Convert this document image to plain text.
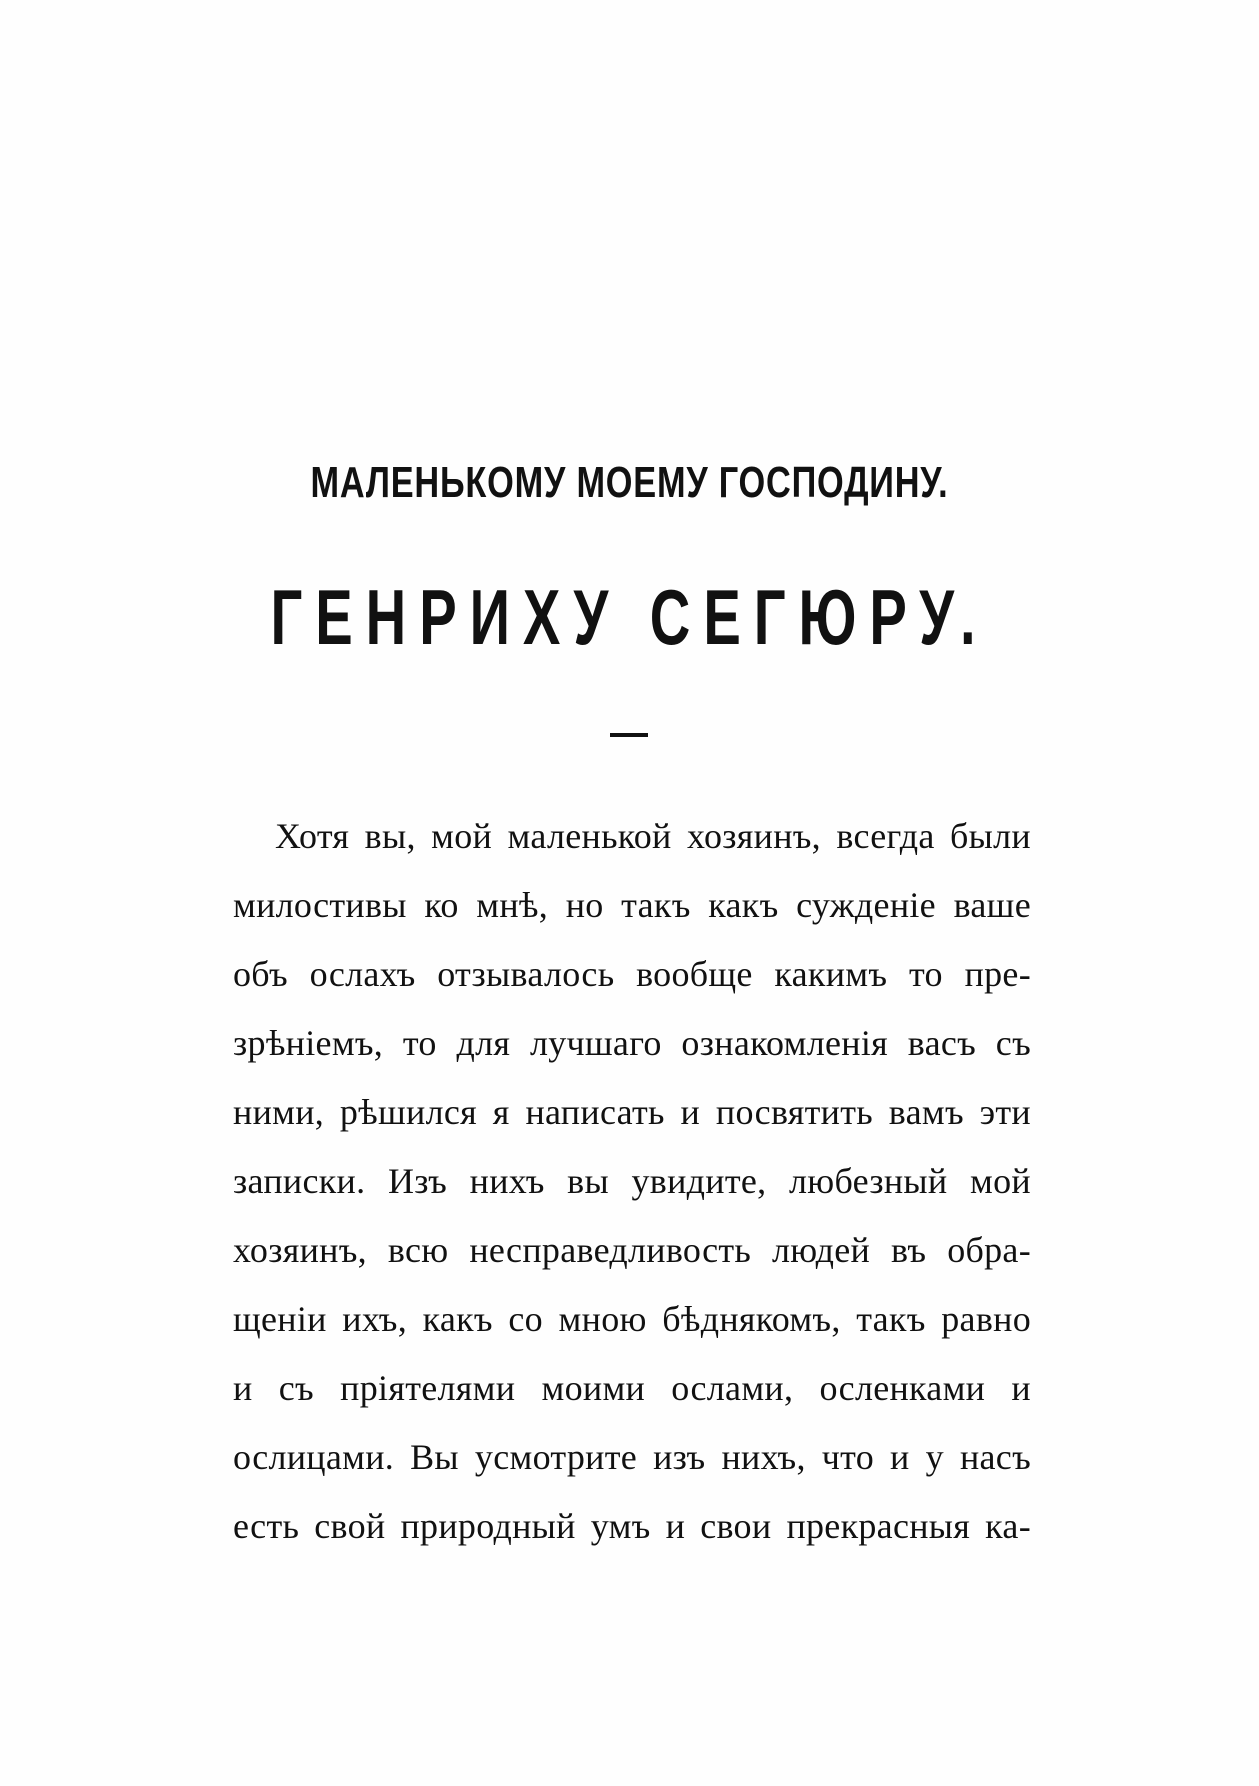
МАЛЕНЬКОМУ МОЕМУ ГОСПОДИНУ.
ГЕНРИХУ СЕГЮРУ.
Хотя вы, мой маленькой хозяинъ, всегда были
милостивы ко мнѣ, но такъ какъ сужденіе ваше
объ ослахъ отзывалось вообще какимъ то пре-
зрѣніемъ, то для лучшаго ознакомленія васъ съ
ними, рѣшился я написать и посвятить вамъ эти
записки. Изъ нихъ вы увидите, любезный мой
хозяинъ, всю несправедливость людей въ обра-
щеніи ихъ, какъ со мною бѣднякомъ, такъ равно
и съ пріятелями моими ослами, осленками и
ослицами. Вы усмотрите изъ нихъ, что и у насъ
есть свой природный умъ и свои прекрасныя ка-
